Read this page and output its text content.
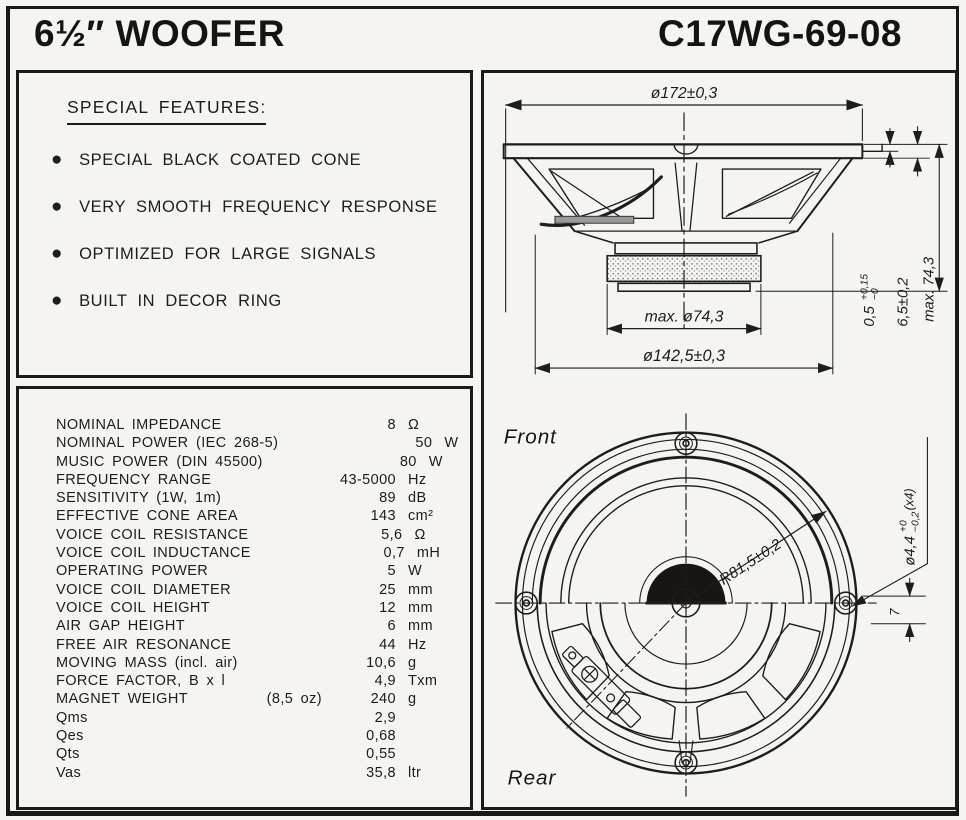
6½″ WOOFER	C17WG-69-08
SPECIAL FEATURES:
● SPECIAL BLACK COATED CONE
● VERY SMOOTH FREQUENCY RESPONSE
● OPTIMIZED FOR LARGE SIGNALS
● BUILT IN DECOR RING
NOMINAL IMPEDANCE	8 Ω
NOMINAL POWER (IEC 268-5)	50 W
MUSIC POWER (DIN 45500)	80 W
FREQUENCY RANGE	43-5000 Hz
SENSITIVITY (1W, 1m)	89 dB
EFFECTIVE CONE AREA	143 cm²
VOICE COIL RESISTANCE	5,6 Ω
VOICE COIL INDUCTANCE	0,7 mH
OPERATING POWER	5 W
VOICE COIL DIAMETER	25 mm
VOICE COIL HEIGHT	12 mm
AIR GAP HEIGHT	6 mm
FREE AIR RESONANCE	44 Hz
MOVING MASS (incl. air)	10,6 g
FORCE FACTOR, B x l	4,9 Txm
MAGNET WEIGHT	(8,5 oz)	240 g
Qms	2,9
Qes	0,68
Qts	0,55
Vas	35,8 ltr
ø172±0,3
0,5
+0,15 −0 6,5±0,2 max. 74,3
max. ø74,3
ø142,5±0,3
Front
Rear
R81,5±0,2	ø4,4
+0 −0,2
(x4)
7
